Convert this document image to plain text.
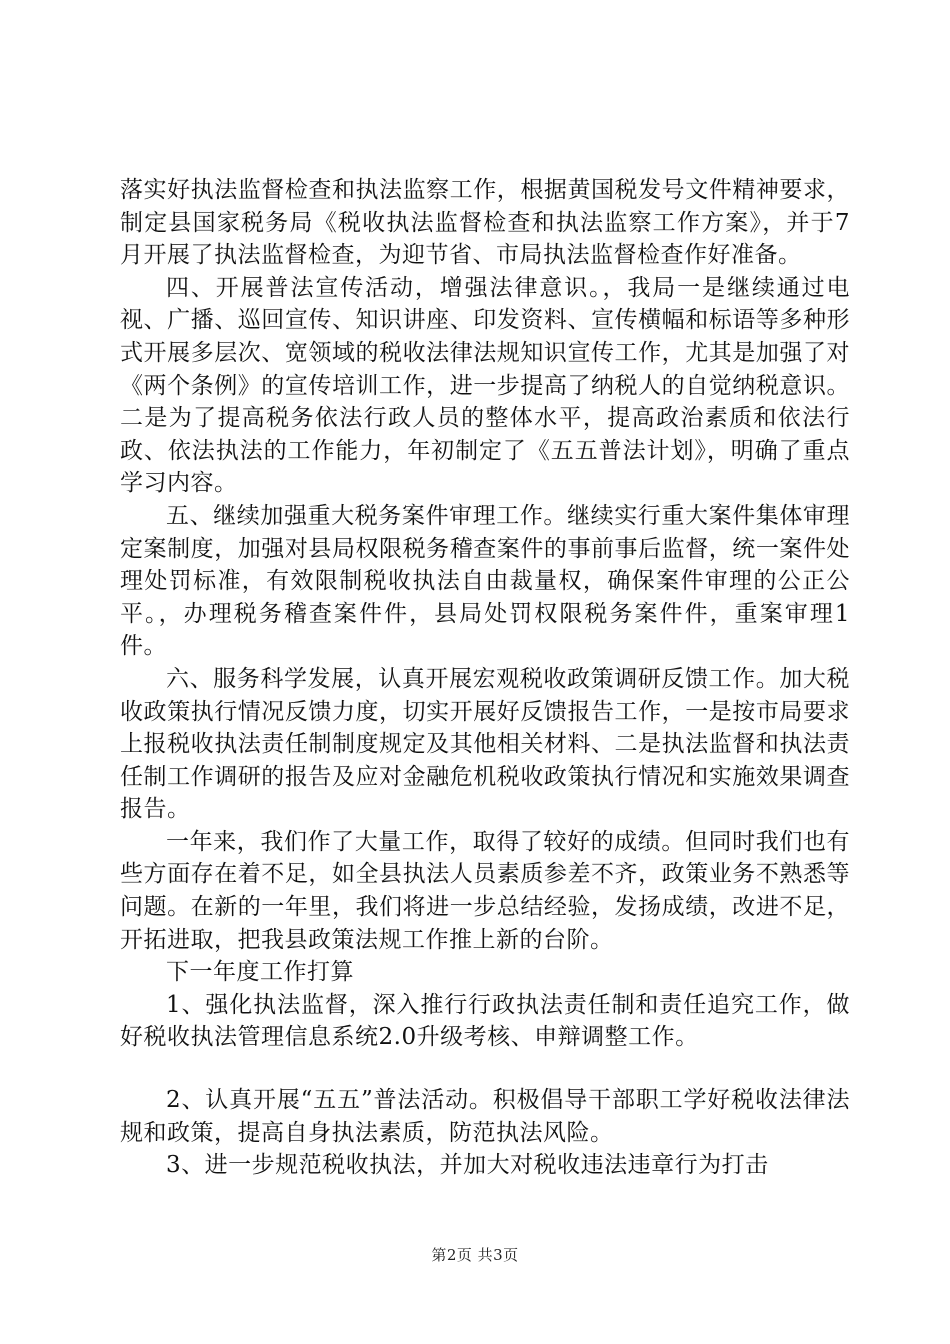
落实好执法监督检查和执法监察工作，根据黄国税发号文件精神要求，制定县国家税务局《税收执法监督检查和执法监察工作方案》，并于7月开展了执法监督检查，为迎节省、市局执法监督检查作好准备。

四、开展普法宣传活动，增强法律意识。，我局一是继续通过电视、广播、巡回宣传、知识讲座、印发资料、宣传横幅和标语等多种形式开展多层次、宽领域的税收法律法规知识宣传工作，尤其是加强了对《两个条例》的宣传培训工作，进一步提高了纳税人的自觉纳税意识。二是为了提高税务依法行政人员的整体水平，提高政治素质和依法行政、依法执法的工作能力，年初制定了《五五普法计划》，明确了重点学习内容。

五、继续加强重大税务案件审理工作。继续实行重大案件集体审理定案制度，加强对县局权限税务稽查案件的事前事后监督，统一案件处理处罚标准，有效限制税收执法自由裁量权，确保案件审理的公正公平。，办理税务稽查案件件，县局处罚权限税务案件件，重案审理1件。

六、服务科学发展，认真开展宏观税收政策调研反馈工作。加大税收政策执行情况反馈力度，切实开展好反馈报告工作，一是按市局要求上报税收执法责任制制度规定及其他相关材料、二是执法监督和执法责任制工作调研的报告及应对金融危机税收政策执行情况和实施效果调查报告。

一年来，我们作了大量工作，取得了较好的成绩。但同时我们也有些方面存在着不足，如全县执法人员素质参差不齐，政策业务不熟悉等问题。在新的一年里，我们将进一步总结经验，发扬成绩，改进不足，开拓进取，把我县政策法规工作推上新的台阶。

下一年度工作打算

1、强化执法监督，深入推行行政执法责任制和责任追究工作，做好税收执法管理信息系统2.0升级考核、申辩调整工作。

2、认真开展“五五”普法活动。积极倡导干部职工学好税收法律法规和政策，提高自身执法素质，防范执法风险。

3、进一步规范税收执法，并加大对税收违法违章行为打击

第2页 共3页
